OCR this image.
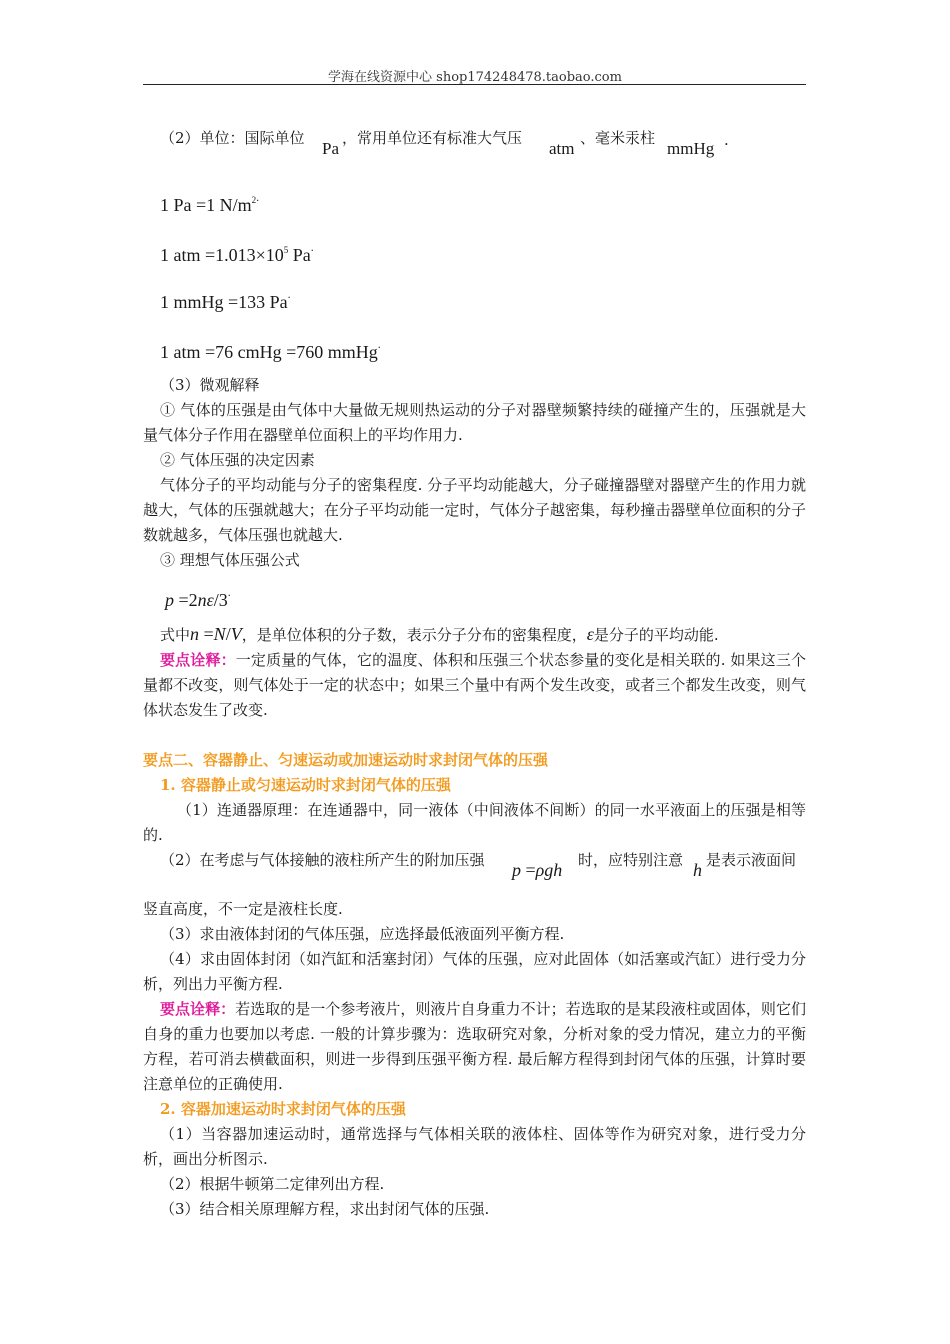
学海在线资源中心 shop174248478.taobao.com
（2）单位：国际单位
Pa
，常用单位还有标准大气压
atm
、毫米汞柱
mmHg .
1 Pa =1 $N/m^{2.}$
1 atm $=1.013\times 10^5$ Pa.
1 mmHg =133 Pa.
1 atm =76 cmHg =760 mmHg.
（3）微观解释
① 气体的压强是由气体中大量做无规则热运动的分子对器壁频繁持续的碰撞产生的，压强就是大量气体分子作用在器壁单位面积上的平均作用力.
② 气体压强的决定因素
气体分子的平均动能与分子的密集程度. 分子平均动能越大，分子碰撞器壁对器壁产生的作用力就越大，气体的压强就越大；在分子平均动能一定时，气体分子越密集，每秒撞击器壁单位面积的分子数就越多，气体压强也就越大.
③ 理想气体压强公式
p =2nε/3.
式中n =N/V，是单位体积的分子数，表示分子分布的密集程度，ε是分子的平均动能.
要点诠释：一定质量的气体，它的温度、体积和压强三个状态参量的变化是相关联的. 如果这三个量都不改变，则气体处于一定的状态中；如果三个量中有两个发生改变，或者三个都发生改变，则气体状态发生了改变.
要点二、容器静止、匀速运动或加速运动时求封闭气体的压强
1. 容器静止或匀速运动时求封闭气体的压强
（1）连通器原理：在连通器中，同一液体（中间液体不间断）的同一水平液面上的压强是相等的.
（2）在考虑与气体接触的液柱所产生的附加压强 p =ρgh 时，应特别注意 h 是表示液面间
竖直高度，不一定是液柱长度.
（3）求由液体封闭的气体压强，应选择最低液面列平衡方程.
（4）求由固体封闭（如汽缸和活塞封闭）气体的压强，应对此固体（如活塞或汽缸）进行受力分析，列出力平衡方程.
要点诠释：若选取的是一个参考液片，则液片自身重力不计；若选取的是某段液柱或固体，则它们自身的重力也要加以考虑. 一般的计算步骤为：选取研究对象，分析对象的受力情况，建立力的平衡方程，若可消去横截面积，则进一步得到压强平衡方程. 最后解方程得到封闭气体的压强，计算时要注意单位的正确使用.
2. 容器加速运动时求封闭气体的压强
（1）当容器加速运动时，通常选择与气体相关联的液体柱、固体等作为研究对象，进行受力分析，画出分析图示.
（2）根据牛顿第二定律列出方程.
（3）结合相关原理解方程，求出封闭气体的压强.
